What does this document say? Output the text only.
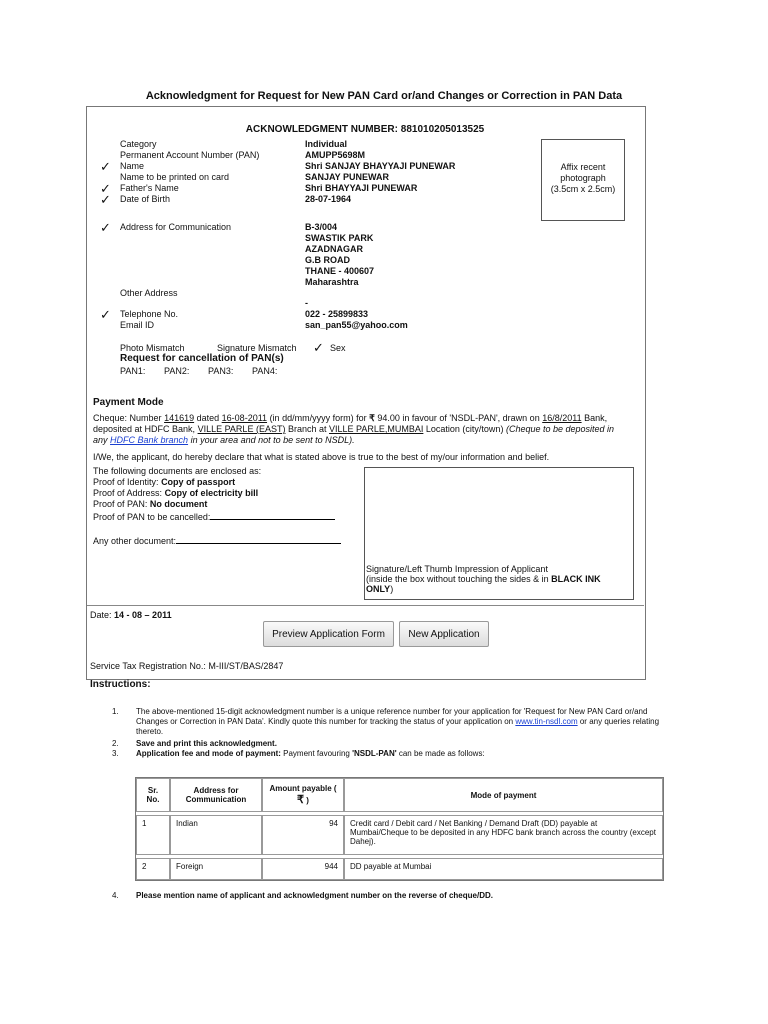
Acknowledgment for Request for New PAN Card or/and Changes or Correction in PAN Data
ACKNOWLEDGMENT NUMBER: 881010205013525
Category	Individual
Permanent Account Number (PAN)	AMUPP5698M
✓ Name	Shri SANJAY BHAYYAJI PUNEWAR
Name to be printed on card	SANJAY PUNEWAR
✓ Father's Name	Shri BHAYYAJI PUNEWAR
✓ Date of Birth	28-07-1964
Affix recent
photograph
(3.5cm x 2.5cm)
✓ Address for Communication	B-3/004
SWASTIK PARK
AZADNAGAR
G.B ROAD
THANE - 400607
Maharashtra
Other Address
-
✓ Telephone No.	022 - 25899833
Email ID	san_pan55@yahoo.com
Photo Mismatch	Signature Mismatch ✓ Sex
Request for cancellation of PAN(s)
PAN1: PAN2: PAN3: PAN4:
Payment Mode
Cheque: Number 141619 dated 16-08-2011 (in dd/mm/yyyy form) for ₹ 94.00 in favour of 'NSDL-PAN', drawn on 16/8/2011 Bank,
deposited at HDFC Bank, VILLE PARLE (EAST) Branch at VILLE PARLE,MUMBAI Location (city/town) (Cheque to be deposited in
any HDFC Bank branch in your area and not to be sent to NSDL).
I/We, the applicant, do hereby declare that what is stated above is true to the best of my/our information and belief.
The following documents are enclosed as:
Proof of Identity: Copy of passport
Proof of Address: Copy of electricity bill
Proof of PAN: No document
Proof of PAN to be cancelled:
Any other document:
Signature/Left Thumb Impression of Applicant
(inside the box without touching the sides & in BLACK INK
ONLY)
Date: 14 - 08 – 2011
Preview Application Form	New Application
Service Tax Registration No.: M-III/ST/BAS/2847
Instructions:
1. The above-mentioned 15-digit acknowledgment number is a unique reference number for your application for 'Request for New PAN Card or/and Changes or Correction in PAN Data'. Kindly quote this number for tracking the status of your application on www.tin-nsdl.com or any queries relating thereto.
2. Save and print this acknowledgment.
3. Application fee and mode of payment: Payment favouring 'NSDL-PAN' can be made as follows:
Sr. No.	Address for Communication	Amount payable ( ₹ )	Mode of payment

1	Indian	94	Credit card / Debit card / Net Banking / Demand Draft (DD) payable at Mumbai/Cheque to be deposited in any HDFC bank branch across the country (except Dahej).

2	Foreign	944	DD payable at Mumbai
4. Please mention name of applicant and acknowledgment number on the reverse of cheque/DD.
